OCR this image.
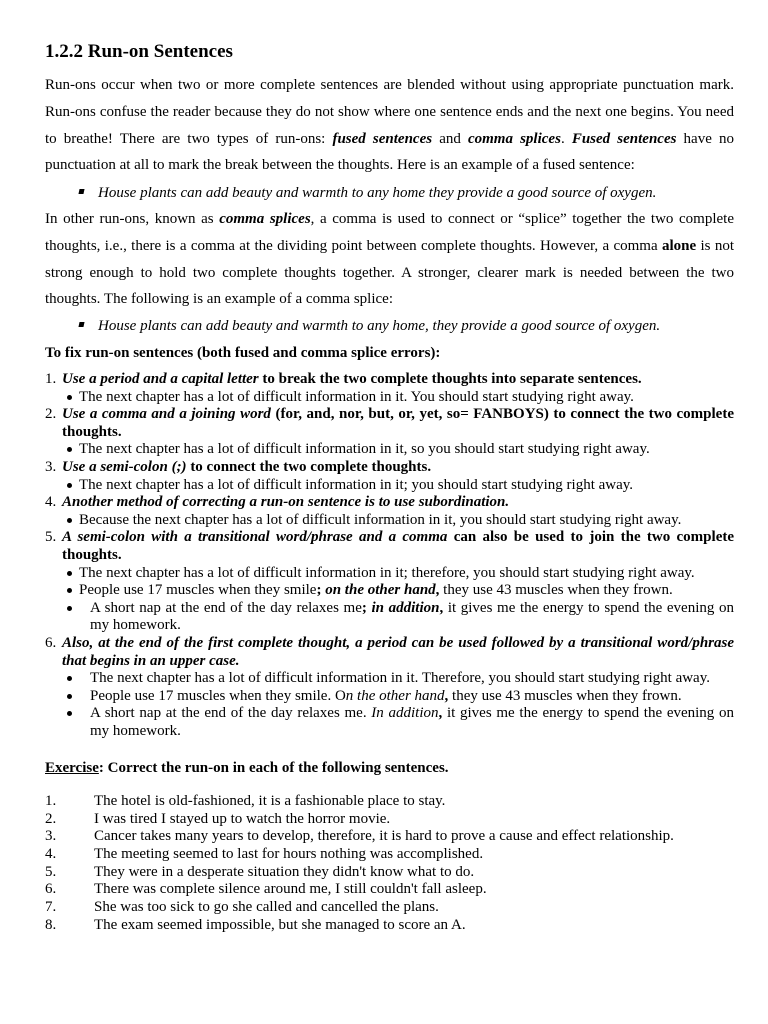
1.2.2 Run-on Sentences

Run-ons occur when two or more complete sentences are blended without using appropriate punctuation mark. Run-ons confuse the reader because they do not show where one sentence ends and the next one begins. You need to breathe! There are two types of run-ons: fused sentences and comma splices. Fused sentences have no punctuation at all to mark the break between the thoughts. Here is an example of a fused sentence:

House plants can add beauty and warmth to any home they provide a good source of oxygen.

In other run-ons, known as comma splices, a comma is used to connect or “splice” together the two complete thoughts, i.e., there is a comma at the dividing point between complete thoughts. However, a comma alone is not strong enough to hold two complete thoughts together. A stronger, clearer mark is needed between the two thoughts. The following is an example of a comma splice:

House plants can add beauty and warmth to any home, they provide a good source of oxygen.

To fix run-on sentences (both fused and comma splice errors):
1. Use a period and a capital letter to break the two complete thoughts into separate sentences.
The next chapter has a lot of difficult information in it. You should start studying right away.
2. Use a comma and a joining word (for, and, nor, but, or, yet, so= FANBOYS) to connect the two complete thoughts.
The next chapter has a lot of difficult information in it, so you should start studying right away.
3. Use a semi-colon (;) to connect the two complete thoughts.
The next chapter has a lot of difficult information in it; you should start studying right away.
4. Another method of correcting a run-on sentence is to use subordination.
Because the next chapter has a lot of difficult information in it, you should start studying right away.
5. A semi-colon with a transitional word/phrase and a comma can also be used to join the two complete thoughts.
The next chapter has a lot of difficult information in it; therefore, you should start studying right away.
People use 17 muscles when they smile; on the other hand, they use 43 muscles when they frown.
A short nap at the end of the day relaxes me; in addition, it gives me the energy to spend the evening on my homework.
6. Also, at the end of the first complete thought, a period can be used followed by a transitional word/phrase that begins in an upper case.
The next chapter has a lot of difficult information in it. Therefore, you should start studying right away.
People use 17 muscles when they smile. On the other hand, they use 43 muscles when they frown.
A short nap at the end of the day relaxes me. In addition, it gives me the energy to spend the evening on my homework.
Exercise: Correct the run-on in each of the following sentences.
1.	The hotel is old-fashioned, it is a fashionable place to stay.
2.	I was tired I stayed up to watch the horror movie.
3.	Cancer takes many years to develop, therefore, it is hard to prove a cause and effect relationship.
4.	The meeting seemed to last for hours nothing was accomplished.
5.	They were in a desperate situation they didn't know what to do.
6.	There was complete silence around me, I still couldn't fall asleep.
7.	She was too sick to go she called and cancelled the plans.
8.	The exam seemed impossible, but she managed to score an A.
